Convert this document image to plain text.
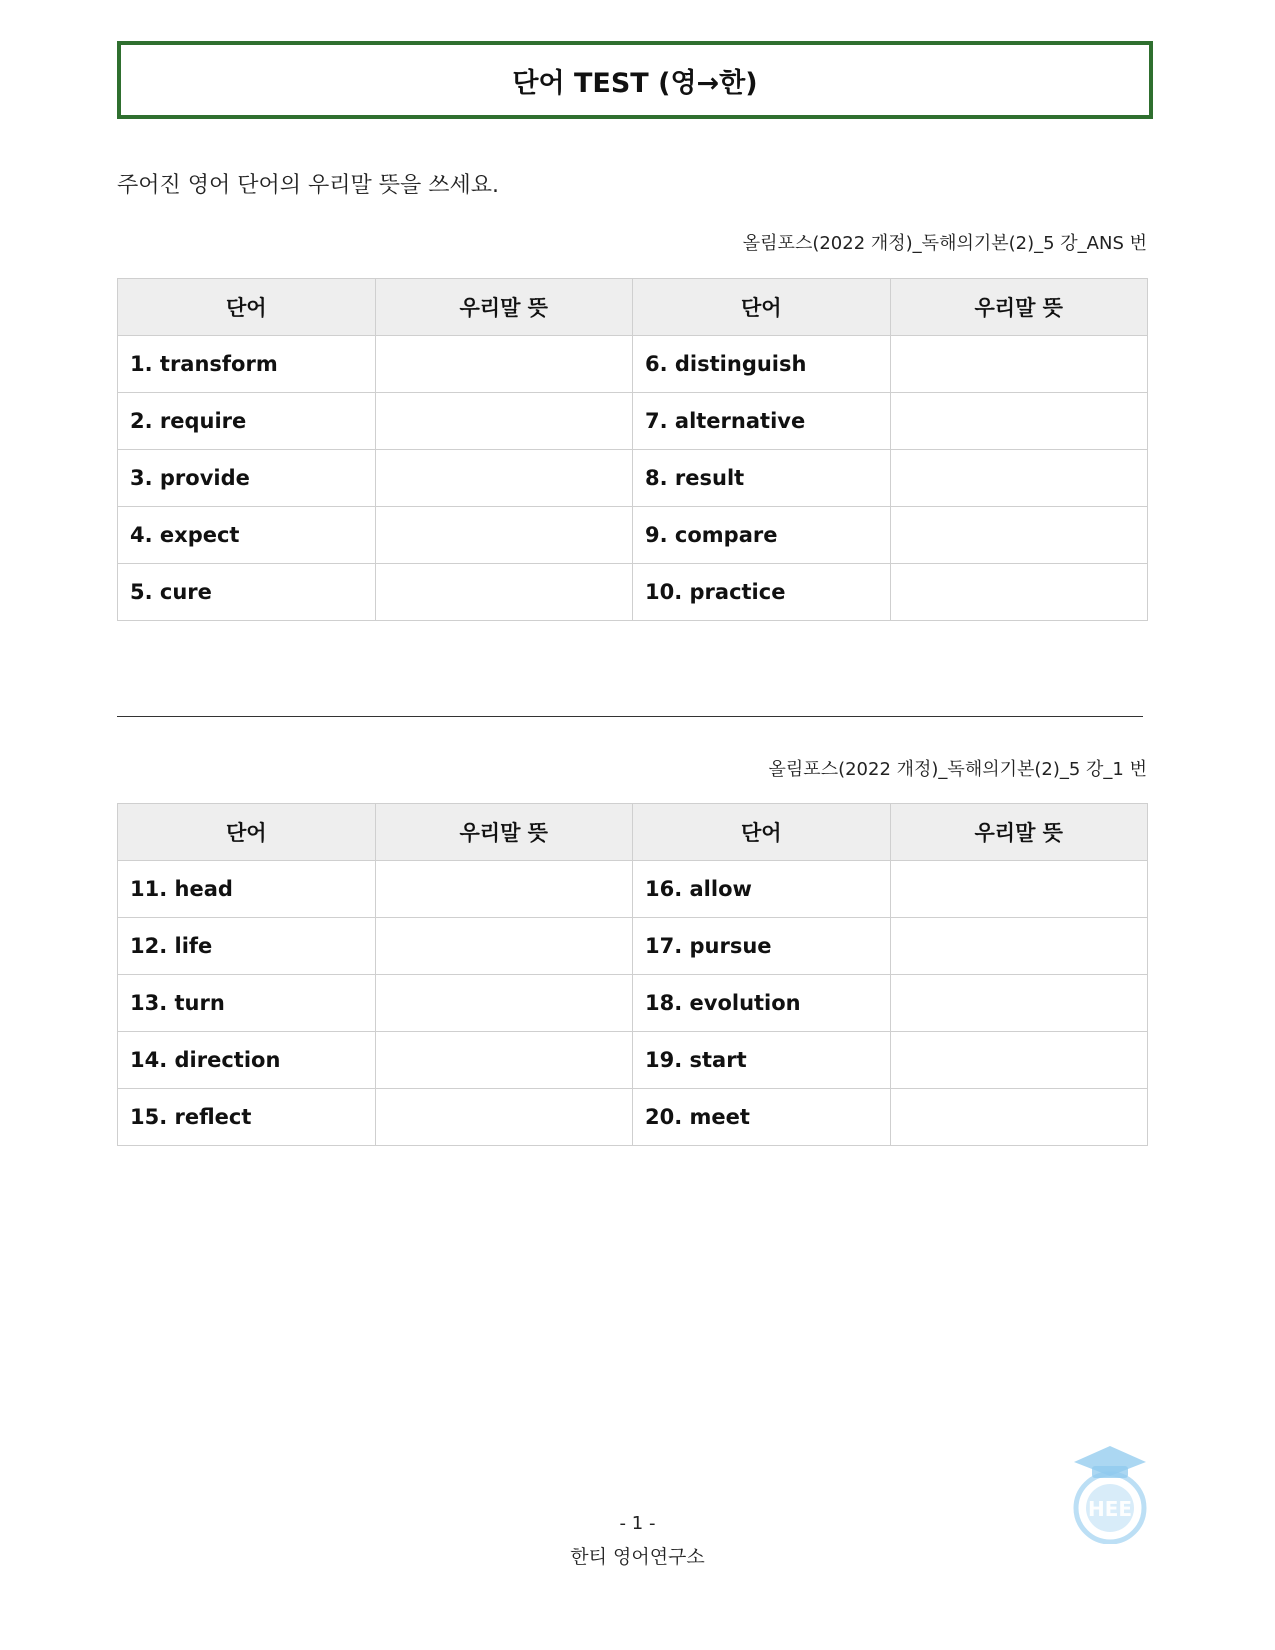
단어 TEST (영→한)
주어진 영어 단어의 우리말 뜻을 쓰세요.
올림포스(2022 개정)_독해의기본(2)_5 강_ANS 번
단어	우리말 뜻	단어	우리말 뜻
1. transform		6. distinguish	
2. require		7. alternative	
3. provide		8. result	
4. expect		9. compare	
5. cure		10. practice	
올림포스(2022 개정)_독해의기본(2)_5 강_1 번
단어	우리말 뜻	단어	우리말 뜻
11. head		16. allow	
12. life		17. pursue	
13. turn		18. evolution	
14. direction		19. start	
15. reflect		20. meet	
HEE
- 1 -
한티 영어연구소
